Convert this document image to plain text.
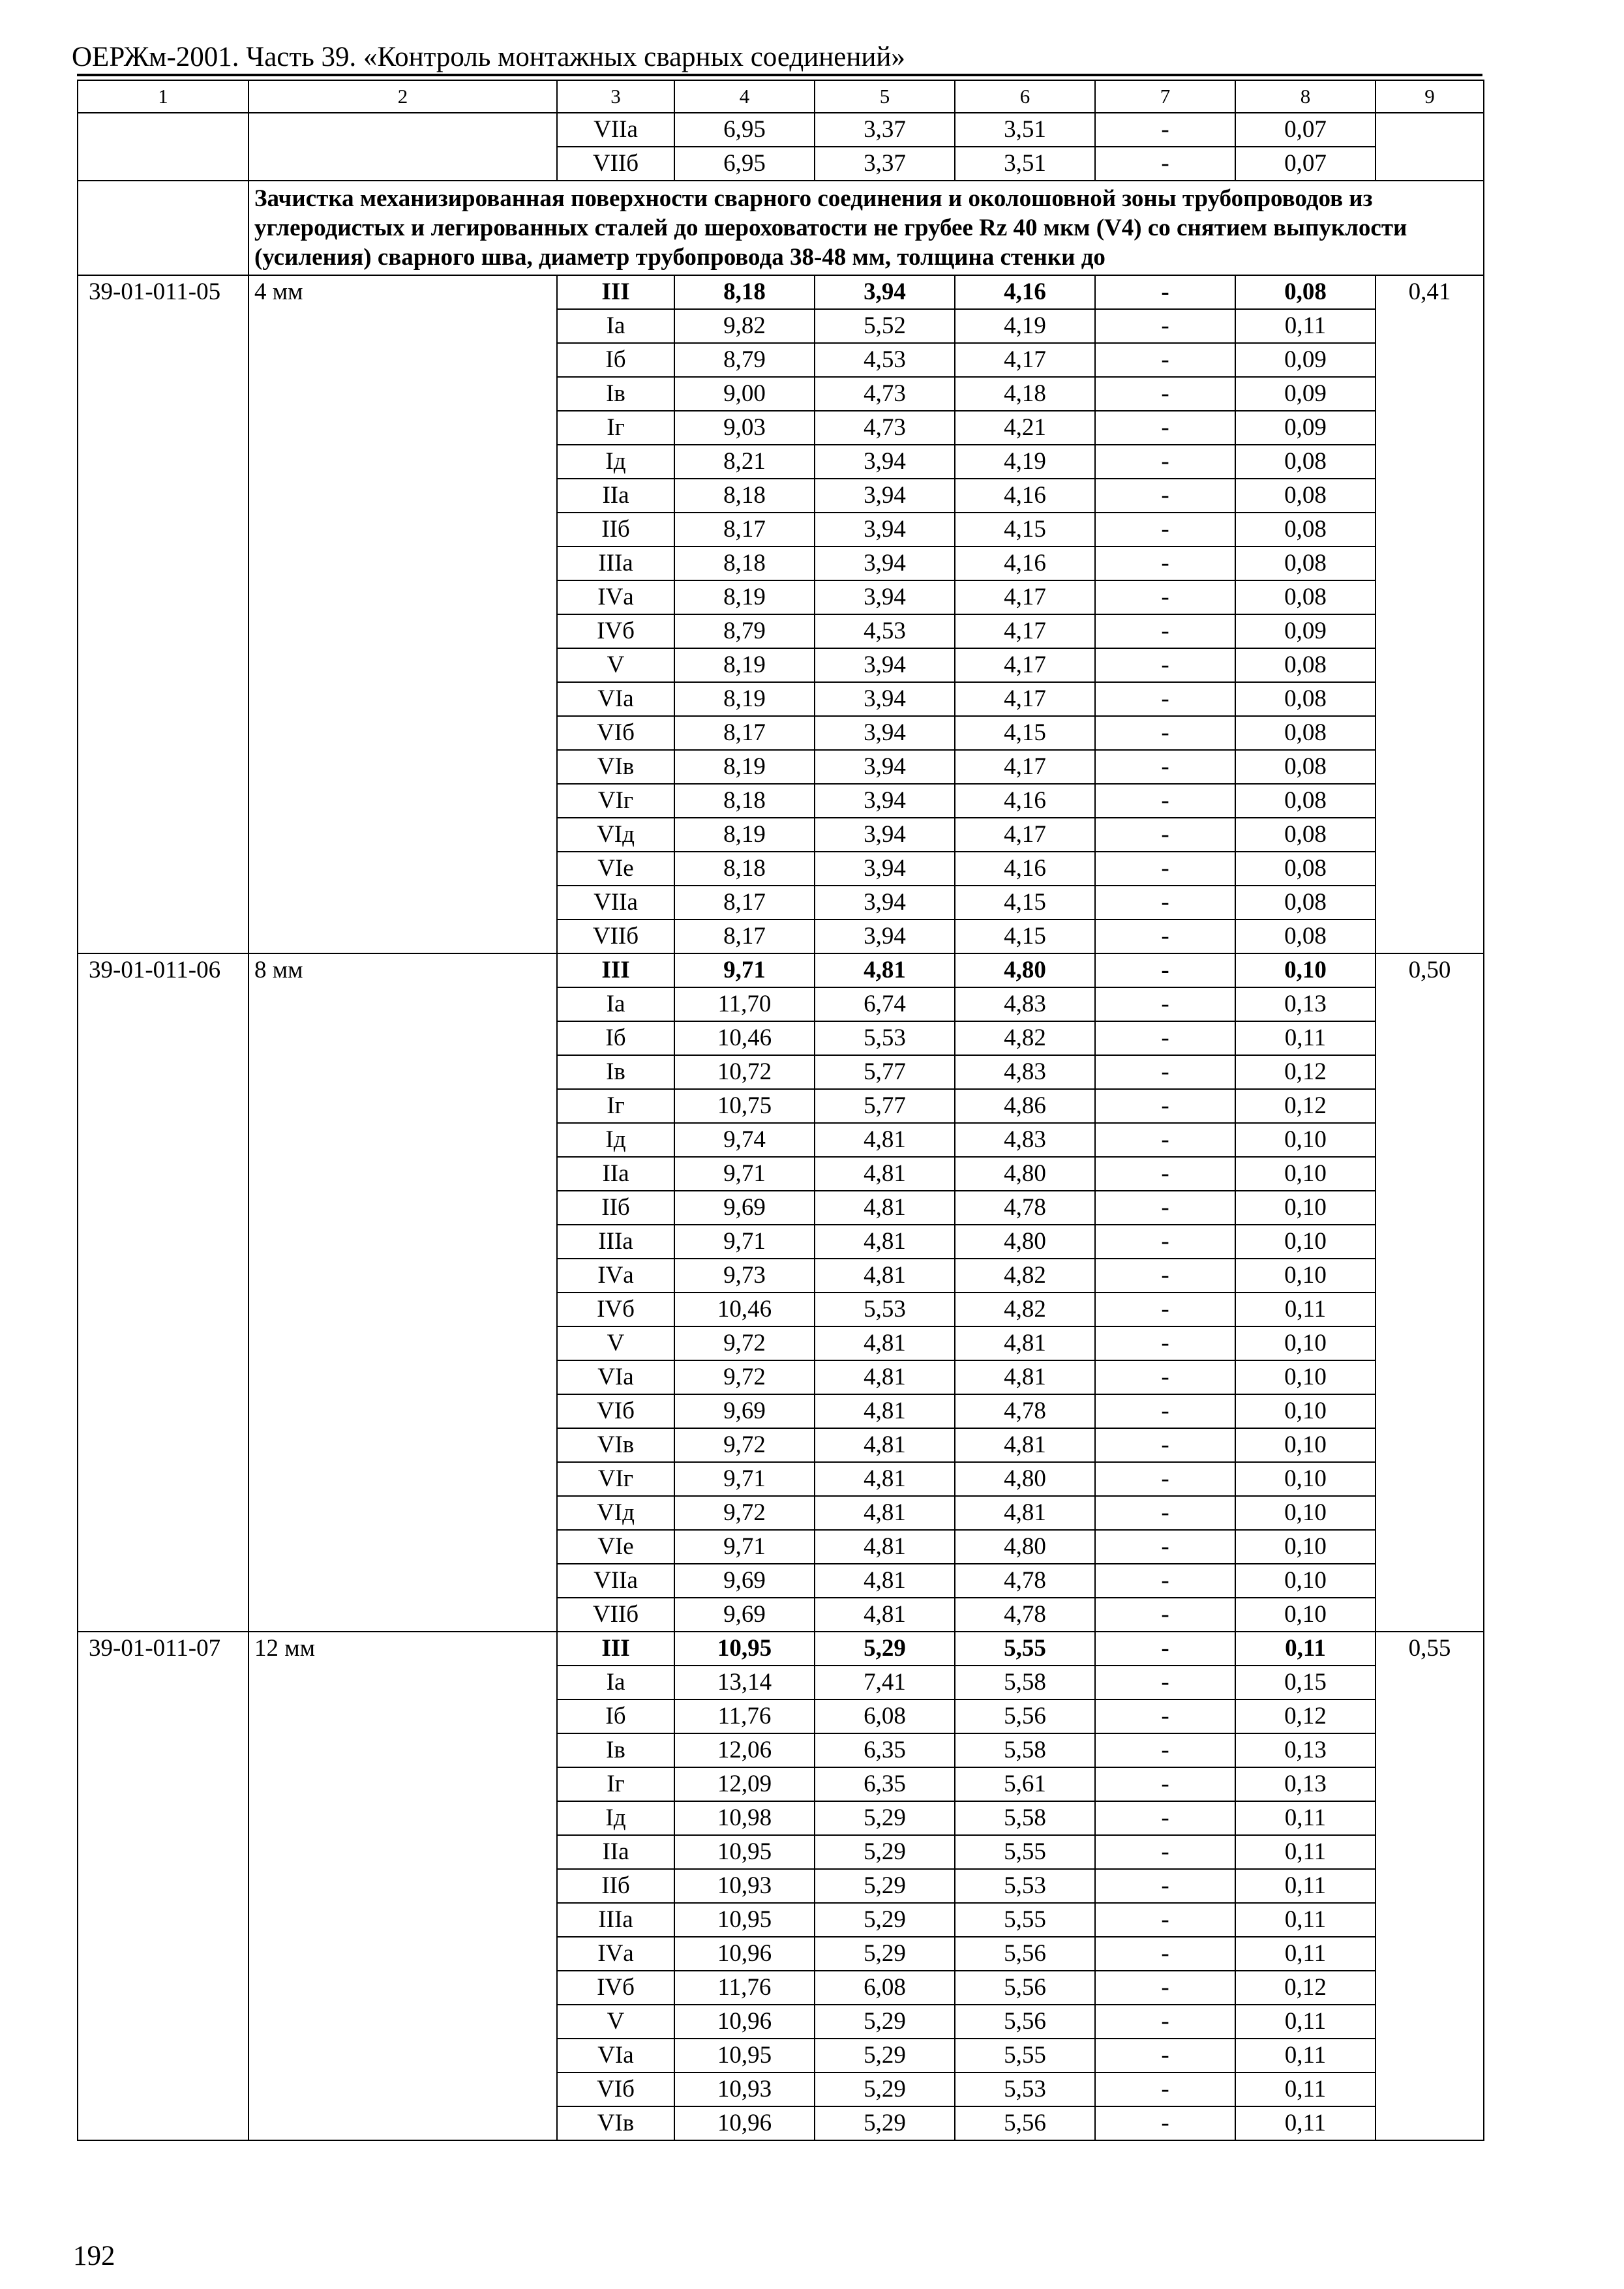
ОЕРЖм-2001. Часть 39. «Контроль монтажных сварных соединений»
1	2	3	4	5	6	7	8	9
		VIIа	6,95	3,37	3,51	-	0,07	
		VIIб	6,95	3,37	3,51	-	0,07	
	Зачистка механизированная поверхности сварного соединения и околошовной зоны трубопроводов из углеродистых и легированных сталей до шероховатости не грубее Rz 40 мкм (V4) со снятием выпуклости (усиления) сварного шва, диаметр трубопровода 38-48 мм, толщина стенки до							
39-01-011-05	4 мм	III	8,18	3,94	4,16	-	0,08	0,41
		Iа	9,82	5,52	4,19	-	0,11	
		Iб	8,79	4,53	4,17	-	0,09	
		Iв	9,00	4,73	4,18	-	0,09	
		Iг	9,03	4,73	4,21	-	0,09	
		Iд	8,21	3,94	4,19	-	0,08	
		IIа	8,18	3,94	4,16	-	0,08	
		IIб	8,17	3,94	4,15	-	0,08	
		IIIа	8,18	3,94	4,16	-	0,08	
		IVа	8,19	3,94	4,17	-	0,08	
		IVб	8,79	4,53	4,17	-	0,09	
		V	8,19	3,94	4,17	-	0,08	
		VIа	8,19	3,94	4,17	-	0,08	
		VIб	8,17	3,94	4,15	-	0,08	
		VIв	8,19	3,94	4,17	-	0,08	
		VIг	8,18	3,94	4,16	-	0,08	
		VIд	8,19	3,94	4,17	-	0,08	
		VIе	8,18	3,94	4,16	-	0,08	
		VIIа	8,17	3,94	4,15	-	0,08	
		VIIб	8,17	3,94	4,15	-	0,08	
39-01-011-06	8 мм	III	9,71	4,81	4,80	-	0,10	0,50
		Iа	11,70	6,74	4,83	-	0,13	
		Iб	10,46	5,53	4,82	-	0,11	
		Iв	10,72	5,77	4,83	-	0,12	
		Iг	10,75	5,77	4,86	-	0,12	
		Iд	9,74	4,81	4,83	-	0,10	
		IIа	9,71	4,81	4,80	-	0,10	
		IIб	9,69	4,81	4,78	-	0,10	
		IIIа	9,71	4,81	4,80	-	0,10	
		IVа	9,73	4,81	4,82	-	0,10	
		IVб	10,46	5,53	4,82	-	0,11	
		V	9,72	4,81	4,81	-	0,10	
		VIа	9,72	4,81	4,81	-	0,10	
		VIб	9,69	4,81	4,78	-	0,10	
		VIв	9,72	4,81	4,81	-	0,10	
		VIг	9,71	4,81	4,80	-	0,10	
		VIд	9,72	4,81	4,81	-	0,10	
		VIе	9,71	4,81	4,80	-	0,10	
		VIIа	9,69	4,81	4,78	-	0,10	
		VIIб	9,69	4,81	4,78	-	0,10	
39-01-011-07	12 мм	III	10,95	5,29	5,55	-	0,11	0,55
		Iа	13,14	7,41	5,58	-	0,15	
		Iб	11,76	6,08	5,56	-	0,12	
		Iв	12,06	6,35	5,58	-	0,13	
		Iг	12,09	6,35	5,61	-	0,13	
		Iд	10,98	5,29	5,58	-	0,11	
		IIа	10,95	5,29	5,55	-	0,11	
		IIб	10,93	5,29	5,53	-	0,11	
		IIIа	10,95	5,29	5,55	-	0,11	
		IVа	10,96	5,29	5,56	-	0,11	
		IVб	11,76	6,08	5,56	-	0,12	
		V	10,96	5,29	5,56	-	0,11	
		VIа	10,95	5,29	5,55	-	0,11	
		VIб	10,93	5,29	5,53	-	0,11	
		VIв	10,96	5,29	5,56	-	0,11	
192
